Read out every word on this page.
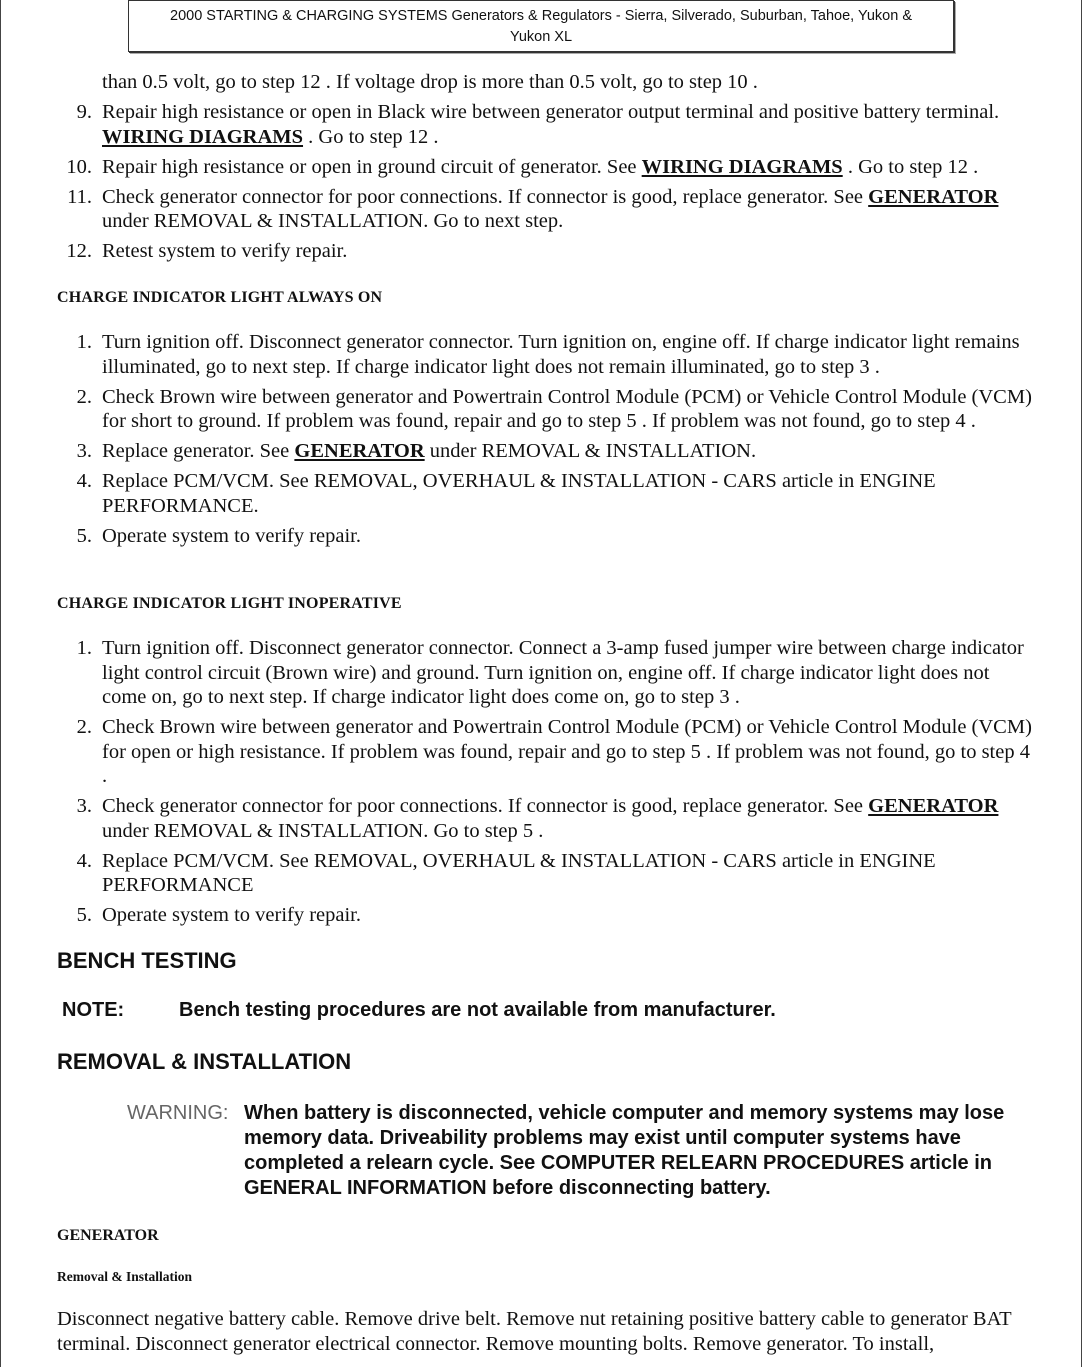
2000 STARTING & CHARGING SYSTEMS Generators & Regulators - Sierra, Silverado, Suburban, Tahoe, Yukon &
Yukon XL

than 0.5 volt, go to step 12 . If voltage drop is more than 0.5 volt, go to step 10 .

9. Repair high resistance or open in Black wire between generator output terminal and positive battery terminal. WIRING DIAGRAMS . Go to step 12 .
10. Repair high resistance or open in ground circuit of generator. See WIRING DIAGRAMS . Go to step 12 .
11. Check generator connector for poor connections. If connector is good, replace generator. See GENERATOR under REMOVAL & INSTALLATION. Go to next step.
12. Retest system to verify repair.
CHARGE INDICATOR LIGHT ALWAYS ON
1. Turn ignition off. Disconnect generator connector. Turn ignition on, engine off. If charge indicator light remains illuminated, go to next step. If charge indicator light does not remain illuminated, go to step 3 .
2. Check Brown wire between generator and Powertrain Control Module (PCM) or Vehicle Control Module (VCM) for short to ground. If problem was found, repair and go to step 5 . If problem was not found, go to step 4 .
3. Replace generator. See GENERATOR under REMOVAL & INSTALLATION.
4. Replace PCM/VCM. See REMOVAL, OVERHAUL & INSTALLATION - CARS article in ENGINE PERFORMANCE.
5. Operate system to verify repair.
CHARGE INDICATOR LIGHT INOPERATIVE
1. Turn ignition off. Disconnect generator connector. Connect a 3-amp fused jumper wire between charge indicator light control circuit (Brown wire) and ground. Turn ignition on, engine off. If charge indicator light does not come on, go to next step. If charge indicator light does come on, go to step 3 .
2. Check Brown wire between generator and Powertrain Control Module (PCM) or Vehicle Control Module (VCM) for open or high resistance. If problem was found, repair and go to step 5 . If problem was not found, go to step 4 .
3. Check generator connector for poor connections. If connector is good, replace generator. See GENERATOR under REMOVAL & INSTALLATION. Go to step 5 .
4. Replace PCM/VCM. See REMOVAL, OVERHAUL & INSTALLATION - CARS article in ENGINE PERFORMANCE
5. Operate system to verify repair.
BENCH TESTING
NOTE:	Bench testing procedures are not available from manufacturer.
REMOVAL & INSTALLATION
WARNING: When battery is disconnected, vehicle computer and memory systems may lose memory data. Driveability problems may exist until computer systems have completed a relearn cycle. See COMPUTER RELEARN PROCEDURES article in GENERAL INFORMATION before disconnecting battery.
GENERATOR
Removal & Installation

Disconnect negative battery cable. Remove drive belt. Remove nut retaining positive battery cable to generator BAT terminal. Disconnect generator electrical connector. Remove mounting bolts. Remove generator. To install,
